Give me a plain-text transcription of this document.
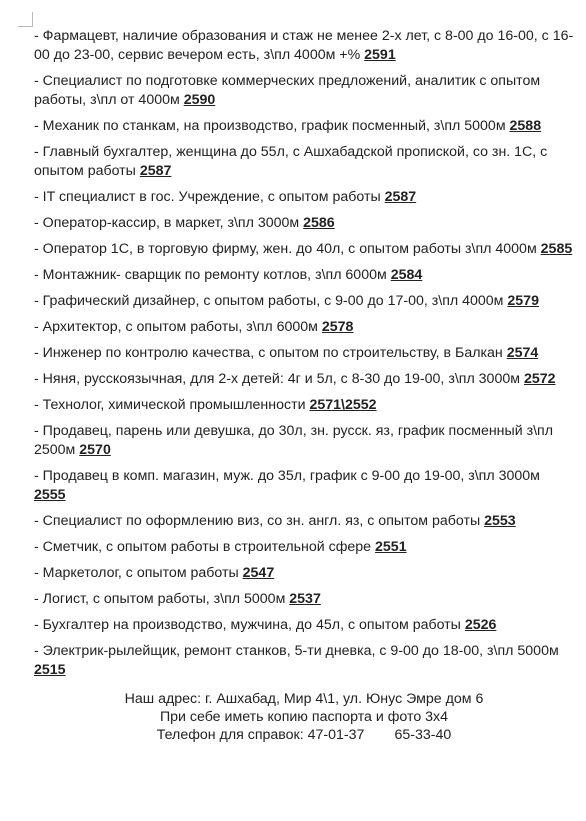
- Фармацевт, наличие образования и стаж не менее 2-х лет, с 8-00 до 16-00, с 16-00 до 23-00, сервис вечером есть, з\пл 4000м +% 2591
- Специалист по подготовке коммерческих предложений, аналитик с опытом работы, з\пл от 4000м 2590
- Механик по станкам, на производство, график посменный, з\пл 5000м 2588
- Главный бухгалтер, женщина до 55л, с Ашхабадской пропиской, со зн. 1С, с опытом работы 2587
- IT специалист в гос. Учреждение, с опытом работы 2587
- Оператор-кассир, в маркет, з\пл 3000м 2586
- Оператор 1С, в торговую фирму, жен. до 40л, с опытом работы з\пл 4000м 2585
- Монтажник- сварщик по ремонту котлов, з\пл 6000м 2584
- Графический дизайнер, с опытом работы, с 9-00 до 17-00, з\пл 4000м 2579
- Архитектор, с опытом работы, з\пл 6000м 2578
- Инженер по контролю качества, с опытом по строительству, в Балкан 2574
- Няня, русскоязычная, для 2-х детей: 4г и 5л, с 8-30 до 19-00, з\пл 3000м 2572
- Технолог, химической промышленности 2571\2552
- Продавец, парень или девушка, до 30л, зн. русск. яз, график посменный з\пл 2500м 2570
- Продавец в комп. магазин, муж. до 35л, график с 9-00 до 19-00, з\пл 3000м 2555
- Специалист по оформлению виз, со зн. англ. яз, с опытом работы 2553
- Сметчик, с опытом работы в строительной сфере 2551
- Маркетолог, с опытом работы 2547
- Логист, с опытом работы, з\пл 5000м 2537
- Бухгалтер на производство, мужчина, до 45л, с опытом работы 2526
- Электрик-рылейщик, ремонт станков, 5-ти дневка, с 9-00 до 18-00, з\пл 5000м 2515
Наш адрес: г. Ашхабад, Мир 4\1, ул. Юнус Эмре дом 6
При себе иметь копию паспорта и фото 3х4
Телефон для справок: 47-01-37 65-33-40
